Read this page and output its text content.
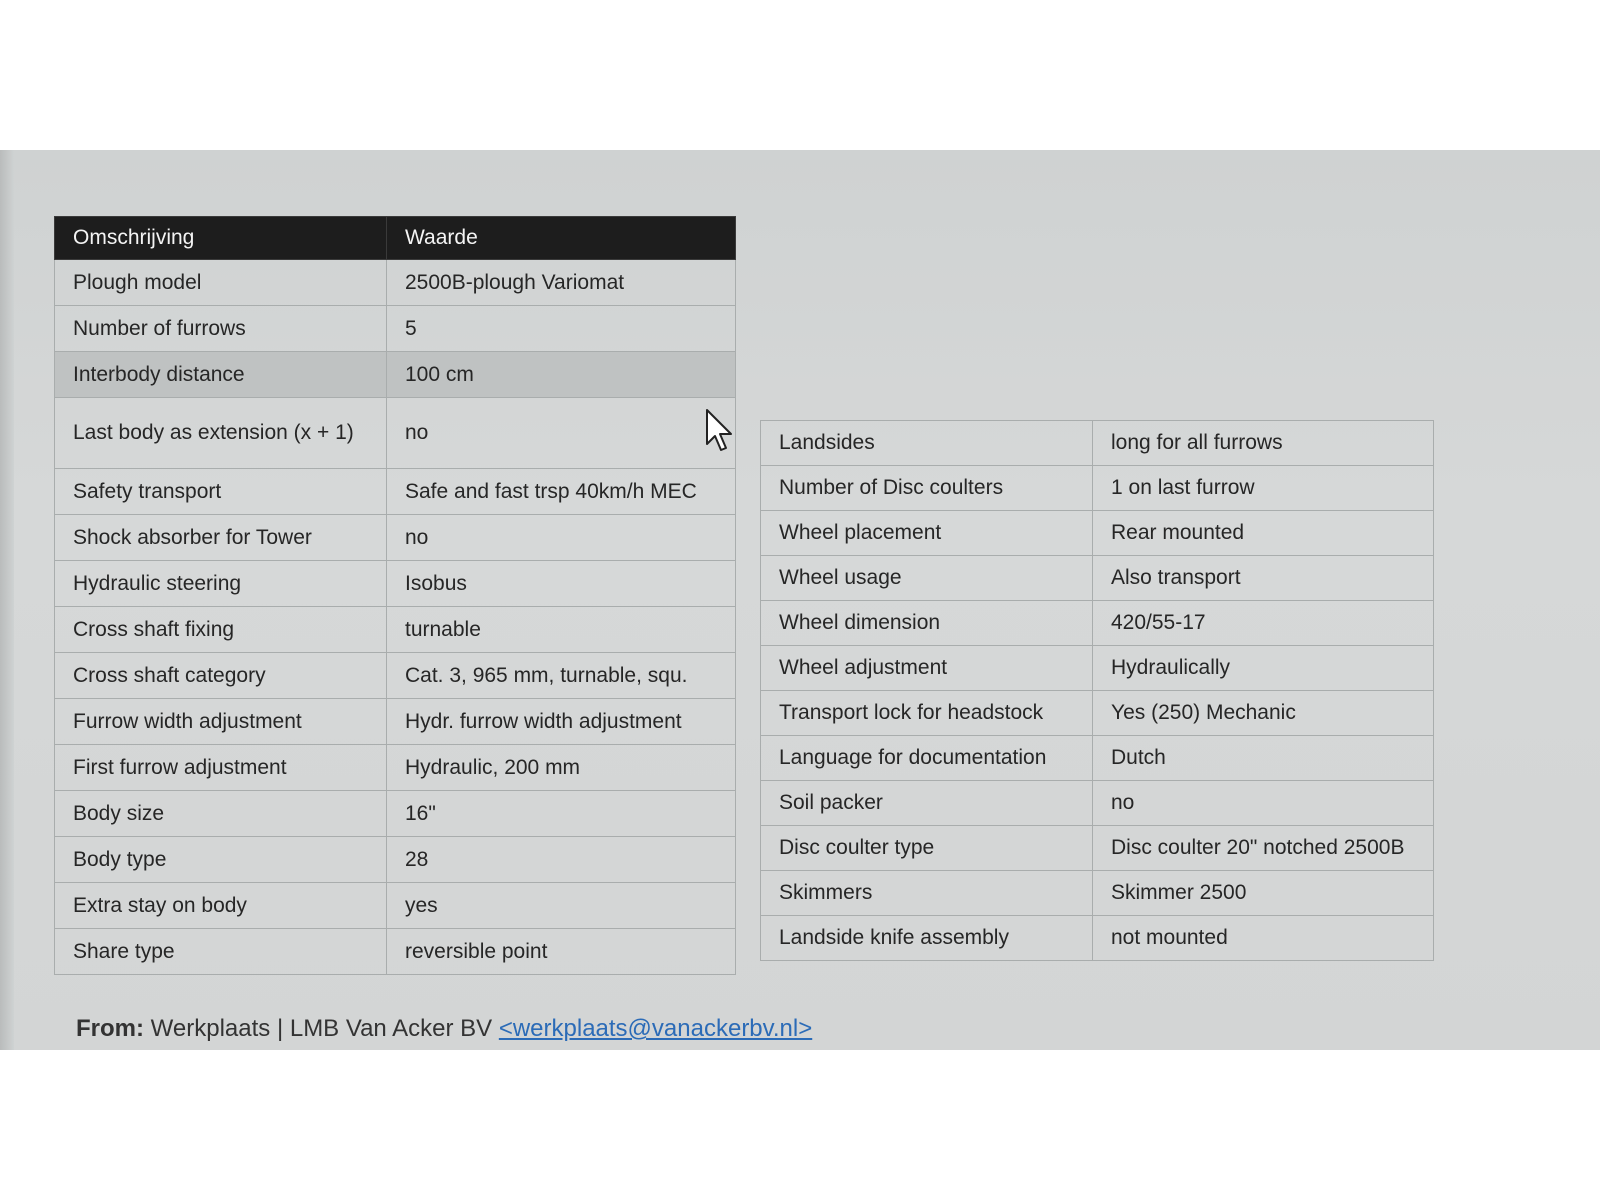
Omschrijving	Waarde
Plough model	2500B-plough Variomat
Number of furrows	5
Interbody distance	100 cm
Last body as extension (x + 1)	no
Safety transport	Safe and fast trsp 40km/h MEC
Shock absorber for Tower	no
Hydraulic steering	Isobus
Cross shaft fixing	turnable
Cross shaft category	Cat. 3, 965 mm, turnable, squ.
Furrow width adjustment	Hydr. furrow width adjustment
First furrow adjustment	Hydraulic, 200 mm
Body size	16"
Body type	28
Extra stay on body	yes
Share type	reversible point
Landsides	long for all furrows
Number of Disc coulters	1 on last furrow
Wheel placement	Rear mounted
Wheel usage	Also transport
Wheel dimension	420/55-17
Wheel adjustment	Hydraulically
Transport lock for headstock	Yes (250) Mechanic
Language for documentation	Dutch
Soil packer	no
Disc coulter type	Disc coulter 20" notched 2500B
Skimmers	Skimmer 2500
Landside knife assembly	not mounted
From: Werkplaats | LMB Van Acker BV <werkplaats@vanackerbv.nl>
